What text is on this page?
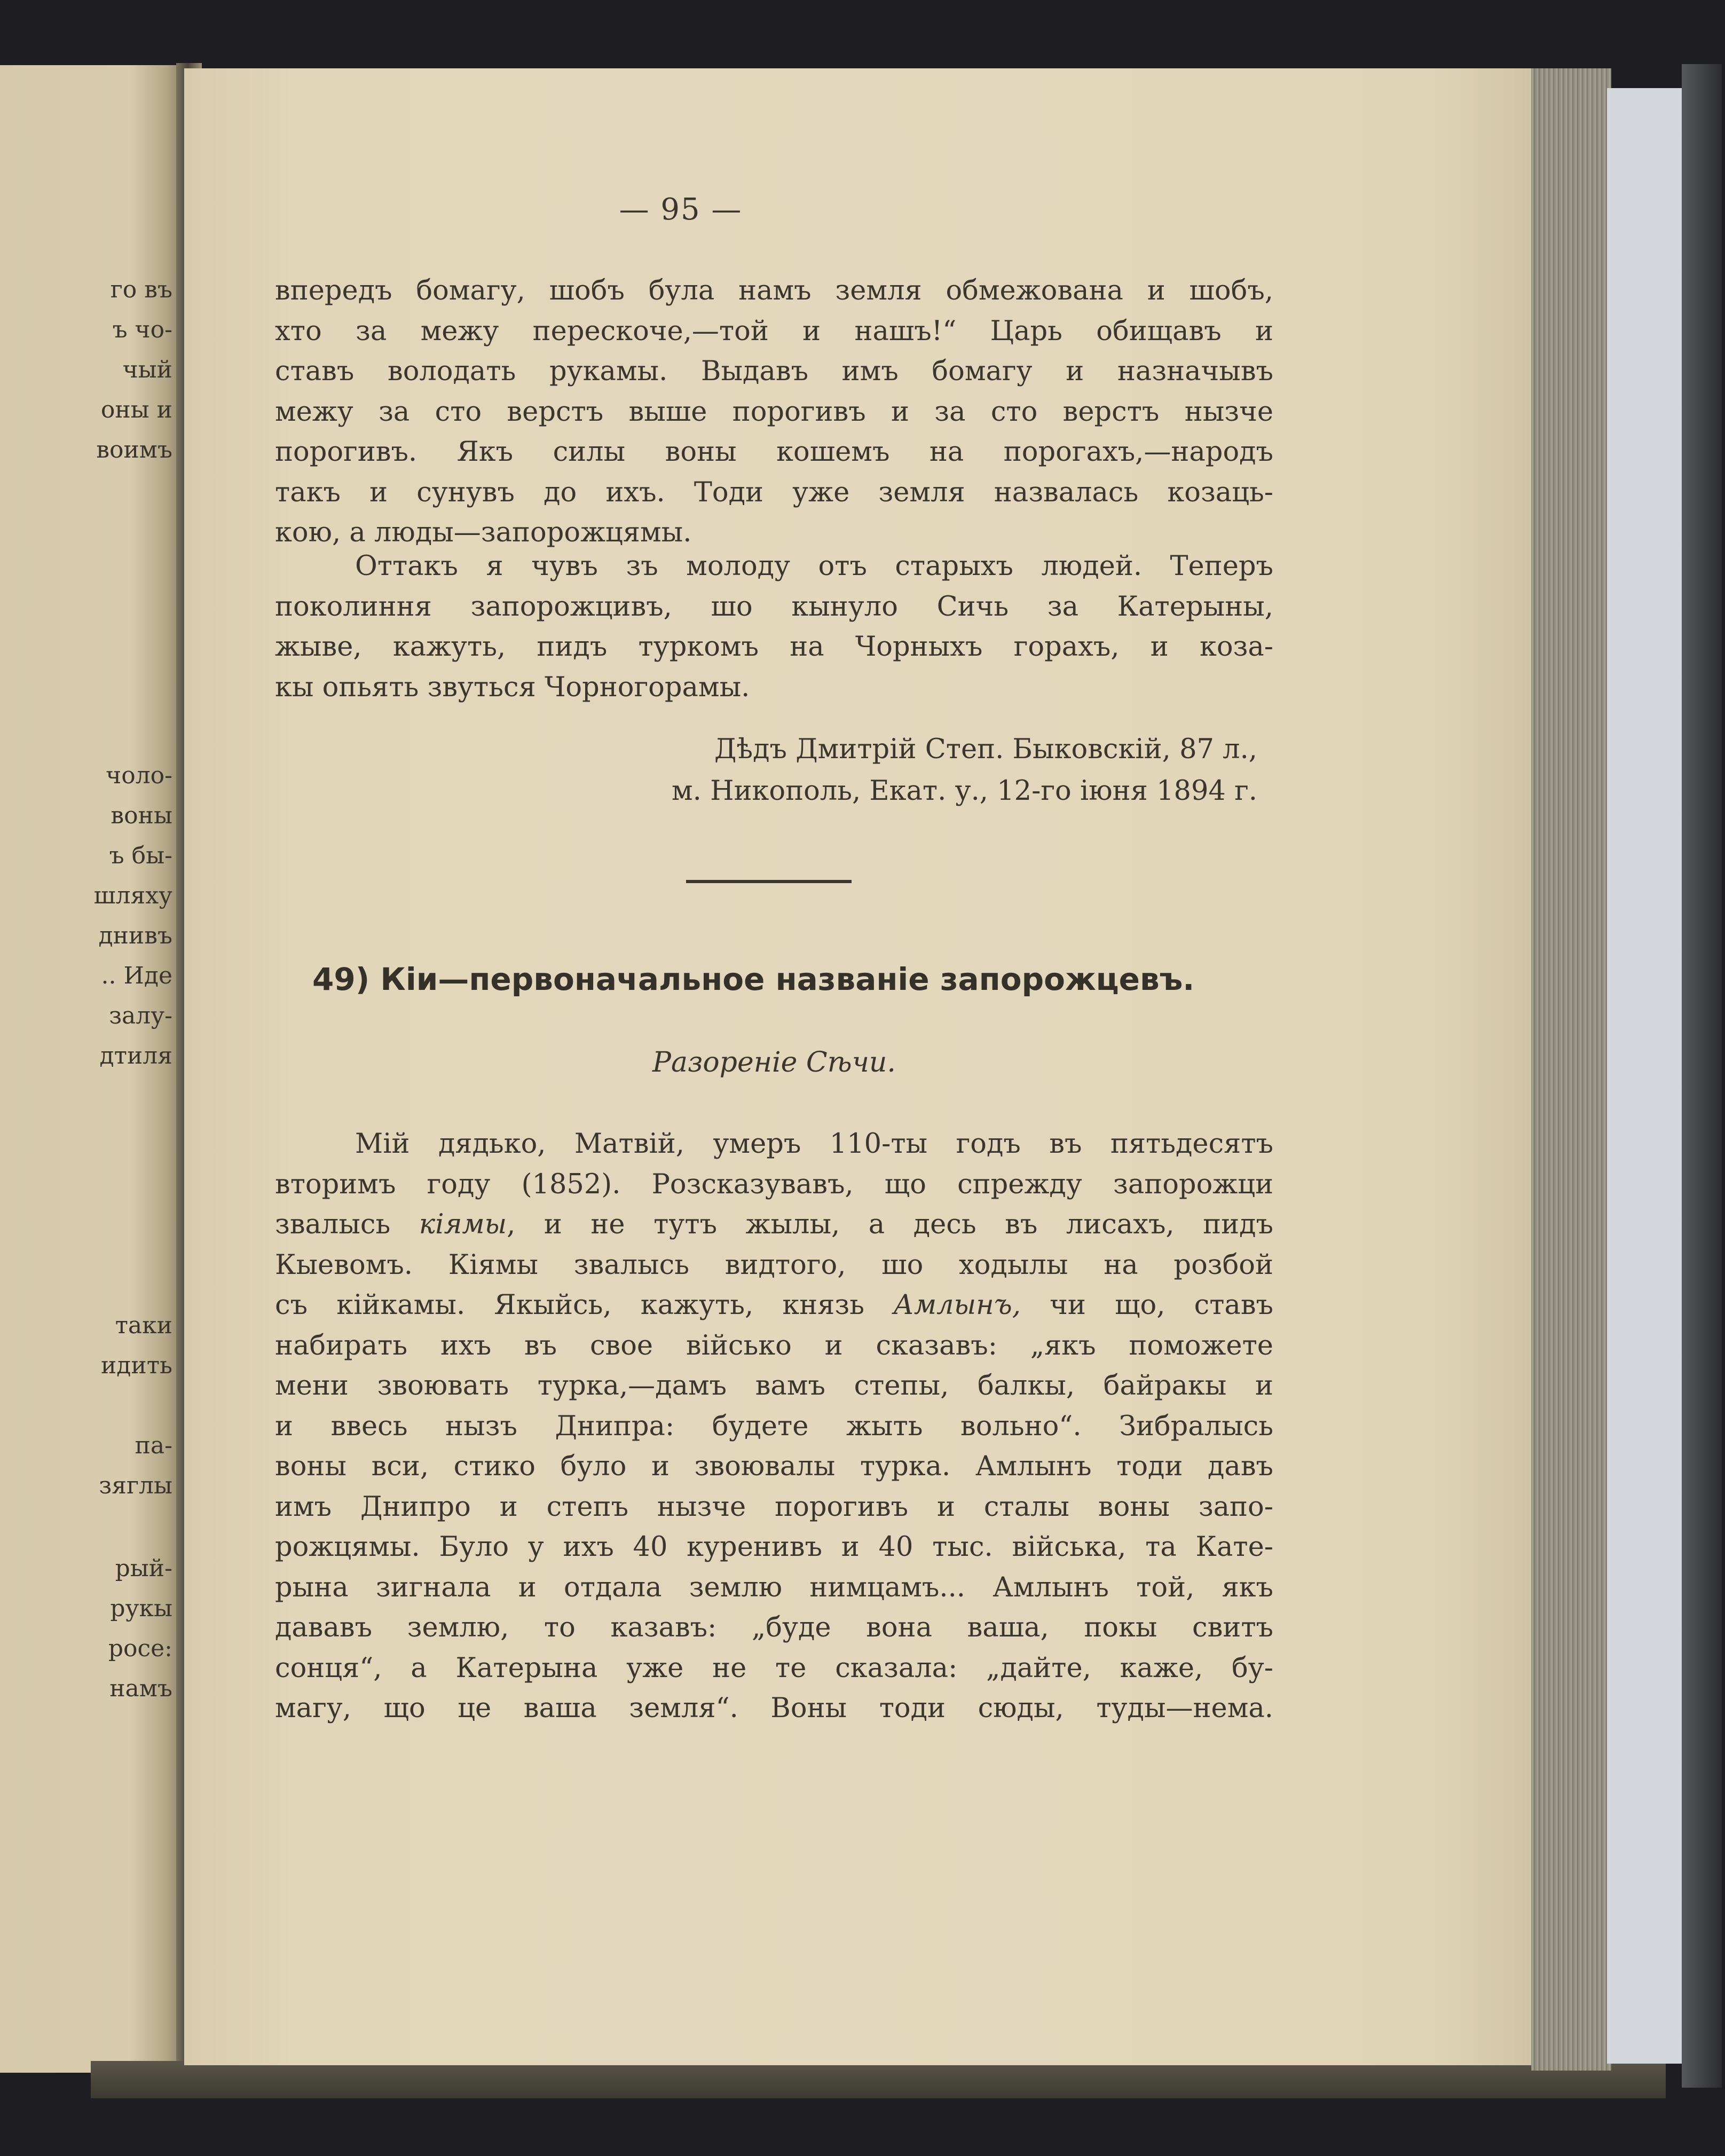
го въ
ъ чо-
чый
оны и
воимъ
чоло-
воны
ъ бы-
шляху
днивъ
.. Иде
залу-
дтиля
таки
идить
па-
зяглы
рый-
рукы
росе:
намъ
— 95 —
впередъ бомагу, шобъ була намъ земля обмежована и шобъ,
хто за межу перескоче,—той и нашъ!“ Царь обищавъ и
ставъ володать рукамы. Выдавъ имъ бомагу и назначывъ
межу за сто верстъ выше порогивъ и за сто верстъ нызче
порогивъ. Якъ силы воны кошемъ на порогахъ,—народъ
такъ и сунувъ до ихъ. Тоди уже земля назвалась козаць-
кою, а люды—запорожцямы.
Оттакъ я чувъ зъ молоду отъ старыхъ людей. Теперъ
поколиння запорожцивъ, шо кынуло Сичь за Катерыны,
жыве, кажуть, пидъ туркомъ на Чорныхъ горахъ, и коза-
кы опьять звуться Чорногорамы.
Дѣдъ Дмитрій Степ. Быковскій, 87 л.,
м. Никополь, Екат. у., 12-го іюня 1894 г.
49) Кіи—первоначальное названіе запорожцевъ.
Разореніе Сѣчи.
Мій дядько, Матвій, умеръ 110-ты годъ въ пятьдесятъ
вторимъ году (1852). Розсказувавъ, що спрежду запорожци
звалысь кіямы, и не тутъ жылы, а десь въ лисахъ, пидъ
Кыевомъ. Кіямы звалысь видтого, шо ходылы на розбой
съ кійкамы. Якыйсь, кажуть, князь Амлынъ, чи що, ставъ
набирать ихъ въ свое військо и сказавъ: „якъ поможете
мени звоювать турка,—дамъ вамъ степы, балкы, байракы и
и ввесь нызъ Днипра: будете жыть вольно“. Зибралысь
воны вси, стико було и звоювалы турка. Амлынъ тоди давъ
имъ Днипро и степъ нызче порогивъ и сталы воны запо-
рожцямы. Було у ихъ 40 куренивъ и 40 тыс. війська, та Кате-
рына зигнала и отдала землю нимцамъ... Амлынъ той, якъ
дававъ землю, то казавъ: „буде вона ваша, покы свитъ
сонця“, а Катерына уже не те сказала: „дайте, каже, бу-
магу, що це ваша земля“. Воны тоди сюды, туды—нема.
